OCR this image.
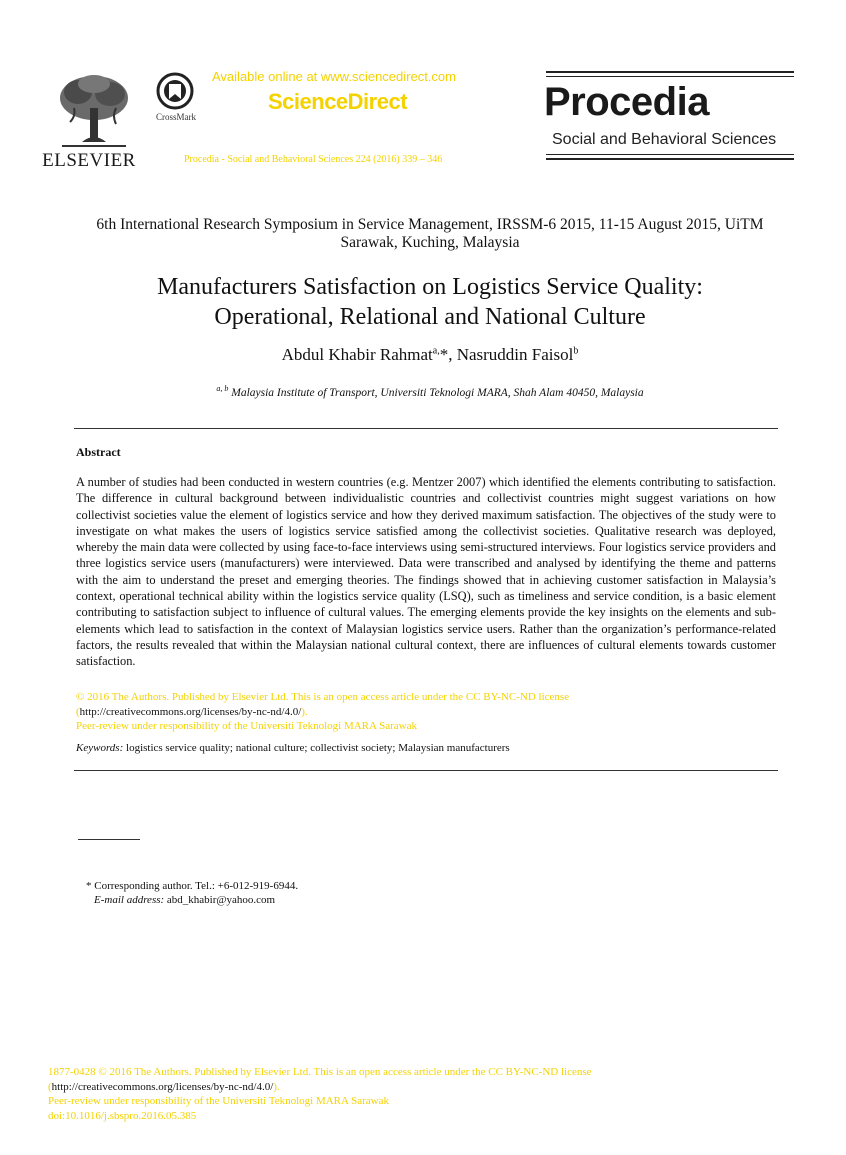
ELSEVIER
CrossMark
Available online at www.sciencedirect.com
ScienceDirect
Procedia - Social and Behavioral Sciences 224 (2016) 339 – 346
Procedia
Social and Behavioral Sciences
6th International Research Symposium in Service Management, IRSSM-6 2015, 11-15 August 2015, UiTM Sarawak, Kuching, Malaysia
Manufacturers Satisfaction on Logistics Service Quality:
Operational, Relational and National Culture
Abdul Khabir Rahmat$^{a,}$*, Nasruddin Faisol$^b$
$^{a, b}$ Malaysia Institute of Transport, Universiti Teknologi MARA, Shah Alam 40450, Malaysia
Abstract
A number of studies had been conducted in western countries (e.g. Mentzer 2007) which identified the elements contributing to satisfaction. The difference in cultural background between individualistic countries and collectivist countries might suggest variations on how collectivist societies value the element of logistics service and how they derived maximum satisfaction. The objectives of the study were to investigate on what makes the users of logistics service satisfied among the collectivist societies. Qualitative research was deployed, whereby the main data were collected by using face-to-face interviews using semi-structured interviews. Four logistics service providers and three logistics service users (manufacturers) were interviewed. Data were transcribed and analysed by identifying the theme and patterns with the aim to understand the preset and emerging theories. The findings showed that in achieving customer satisfaction in Malaysia’s context, operational technical ability within the logistics service quality (LSQ), such as timeliness and service condition, is a basic element contributing to satisfaction subject to influence of cultural values. The emerging elements provide the key insights on the elements and sub-elements which lead to satisfaction in the context of Malaysian logistics service users. Rather than the organization’s performance-related factors, the results revealed that within the Malaysian national cultural context, there are influences of cultural elements towards customer satisfaction.
© 2016 The Authors. Published by Elsevier Ltd. This is an open access article under the CC BY-NC-ND license
(http://creativecommons.org/licenses/by-nc-nd/4.0/).
Peer-review under responsibility of the Universiti Teknologi MARA Sarawak
Keywords: logistics service quality; national culture; collectivist society; Malaysian manufacturers
* Corresponding author. Tel.: +6-012-919-6944.
E-mail address: abd_khabir@yahoo.com
1877-0428 © 2016 The Authors. Published by Elsevier Ltd. This is an open access article under the CC BY-NC-ND license
(http://creativecommons.org/licenses/by-nc-nd/4.0/).
Peer-review under responsibility of the Universiti Teknologi MARA Sarawak
doi:10.1016/j.sbspro.2016.05.385
